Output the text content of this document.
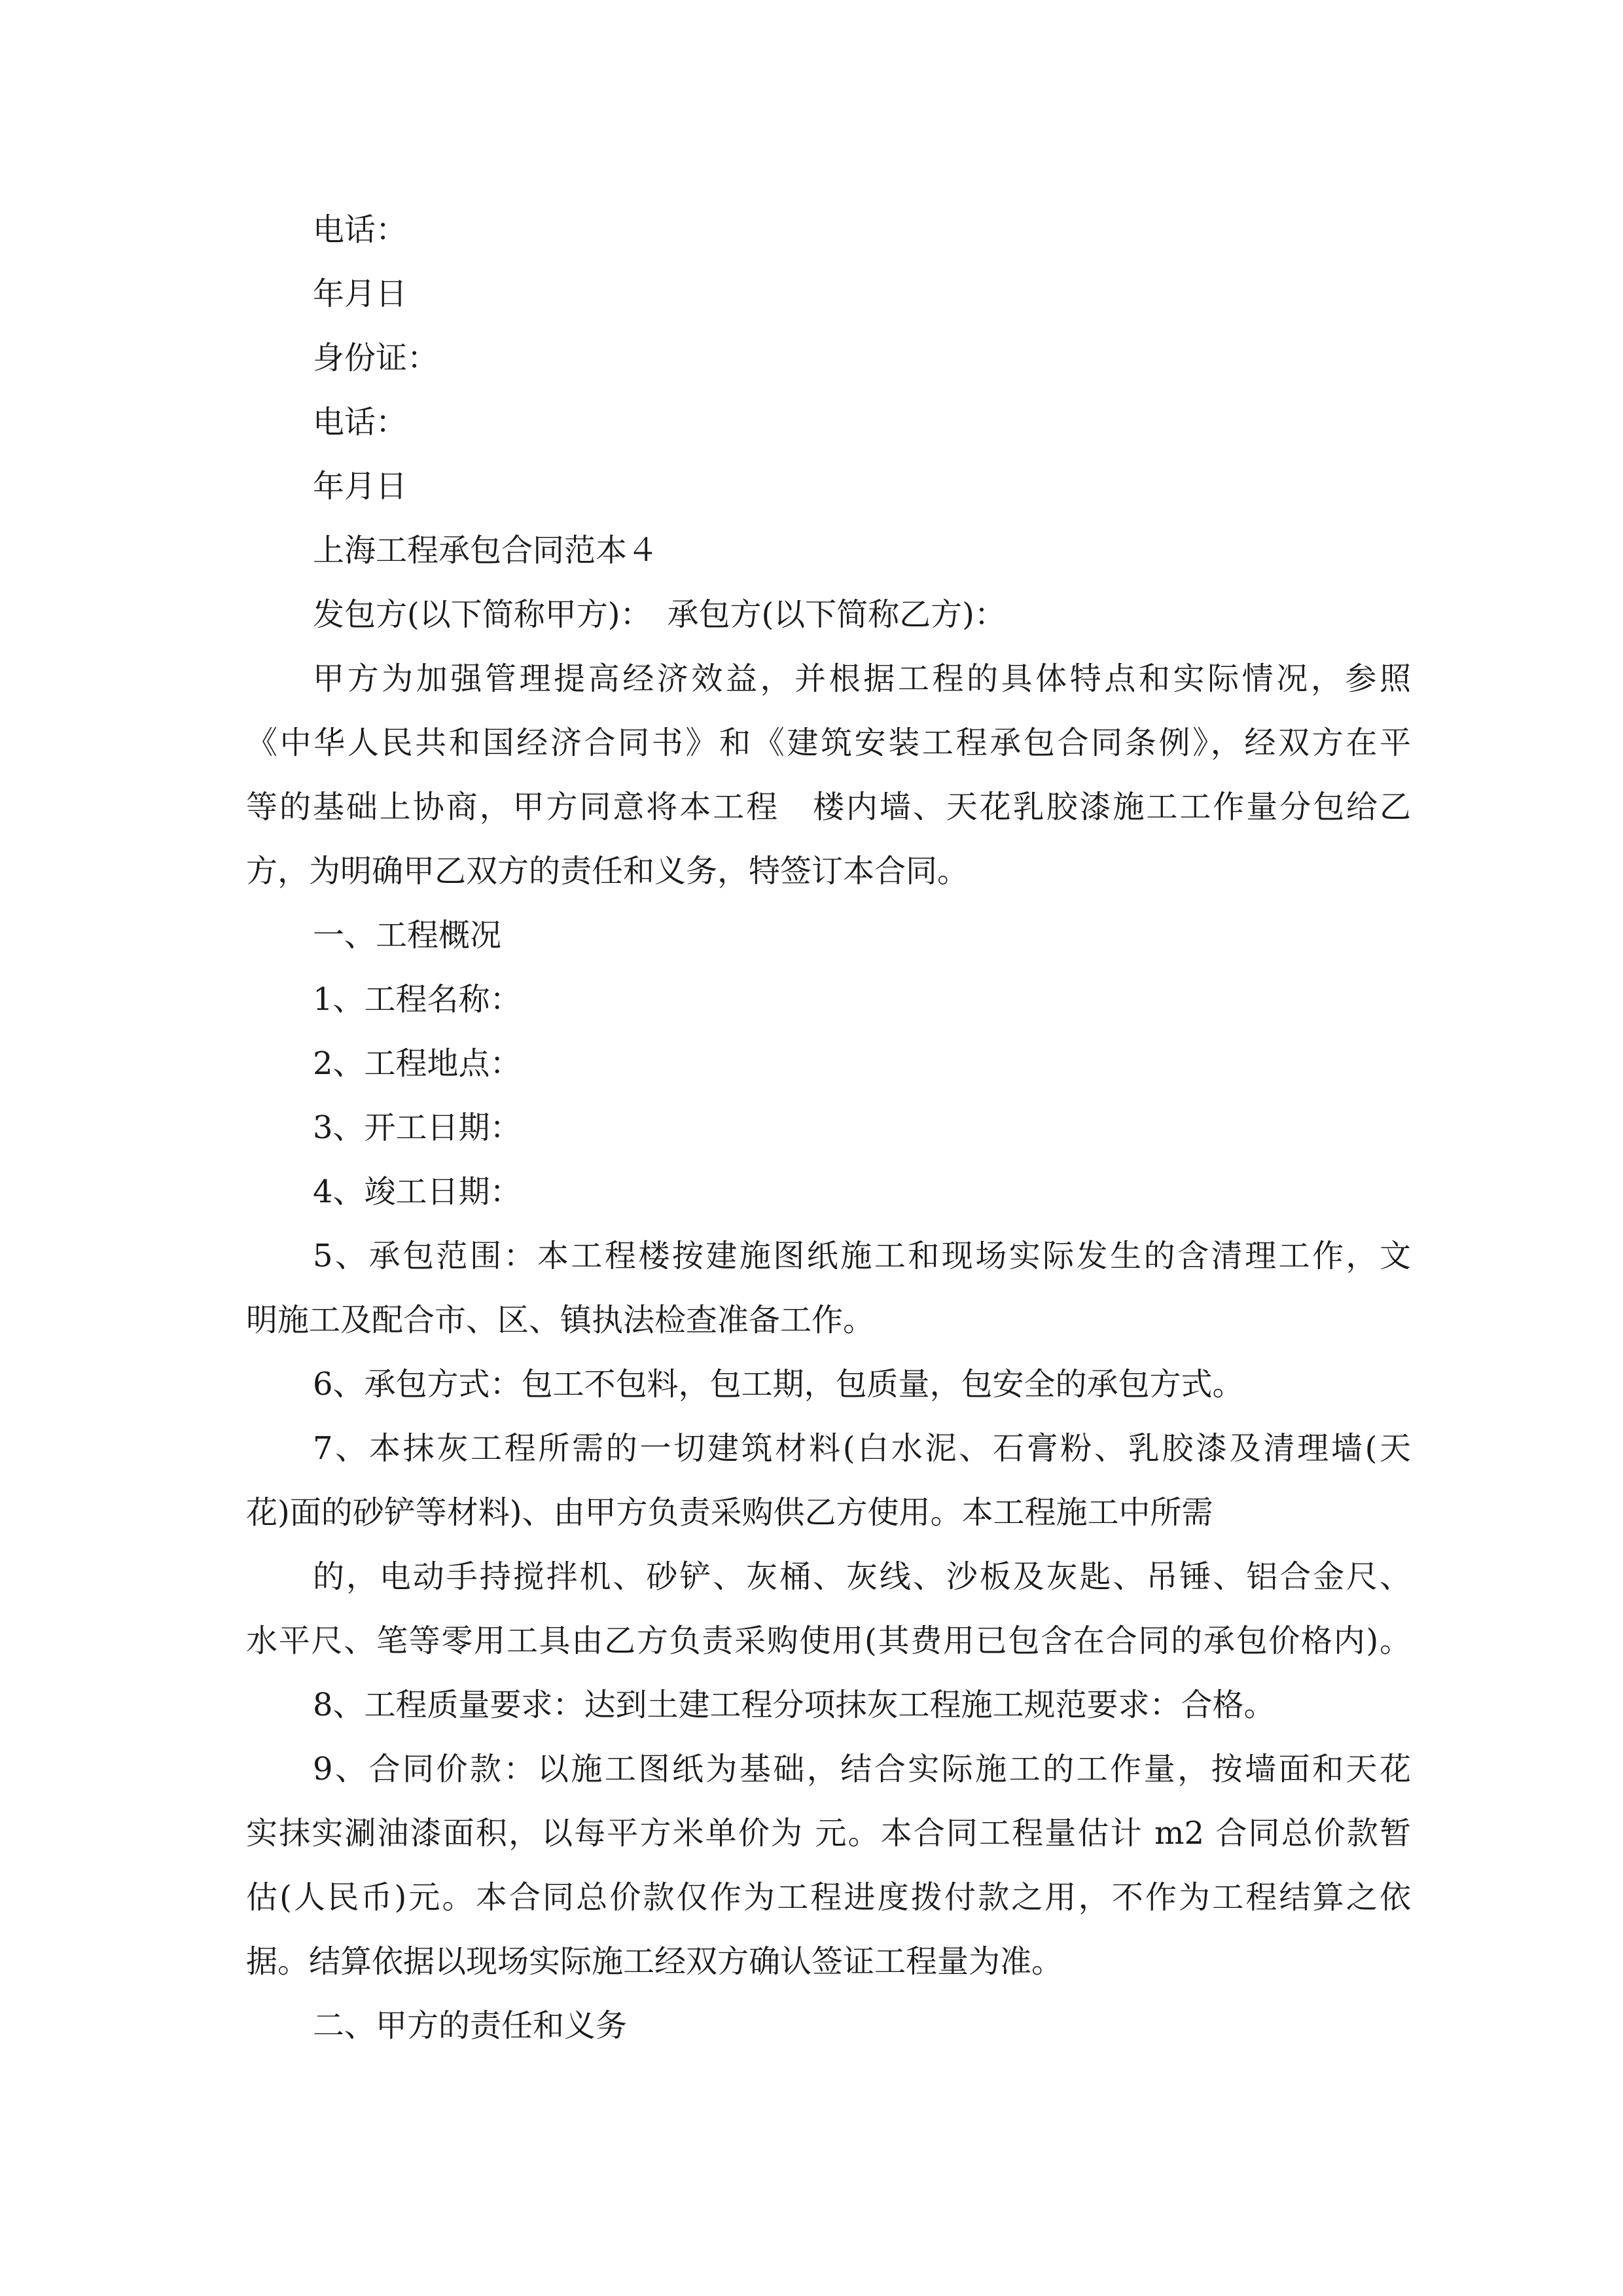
电话：
年月日
身份证：
电话：
年月日
上海工程承包合同范本４
发包方(以下简称甲方)：　承包方(以下简称乙方)：
甲方为加强管理提高经济效益，并根据工程的具体特点和实际情况，参照
《中华人民共和国经济合同书》和《建筑安装工程承包合同条例》，经双方在平
等的基础上协商，甲方同意将本工程　楼内墙、天花乳胶漆施工工作量分包给乙
方，为明确甲乙双方的责任和义务，特签订本合同。
一、工程概况
1、工程名称：
2、工程地点：
3、开工日期：
4、竣工日期：
5、承包范围：本工程楼按建施图纸施工和现场实际发生的含清理工作，文
明施工及配合市、区、镇执法检查准备工作。
6、承包方式：包工不包料，包工期，包质量，包安全的承包方式。
7、本抹灰工程所需的一切建筑材料(白水泥、石膏粉、乳胶漆及清理墙(天
花)面的砂铲等材料)、由甲方负责采购供乙方使用。本工程施工中所需
的，电动手持搅拌机、砂铲、灰桶、灰线、沙板及灰匙、吊锤、铝合金尺、
水平尺、笔等零用工具由乙方负责采购使用(其费用已包含在合同的承包价格内)。
8、工程质量要求：达到土建工程分项抹灰工程施工规范要求：合格。
9、合同价款：以施工图纸为基础，结合实际施工的工作量，按墙面和天花
实抹实涮油漆面积，以每平方米单价为 元。本合同工程量估计 m2 合同总价款暂
估(人民币)元。本合同总价款仅作为工程进度拨付款之用，不作为工程结算之依
据。结算依据以现场实际施工经双方确认签证工程量为准。
二、甲方的责任和义务
